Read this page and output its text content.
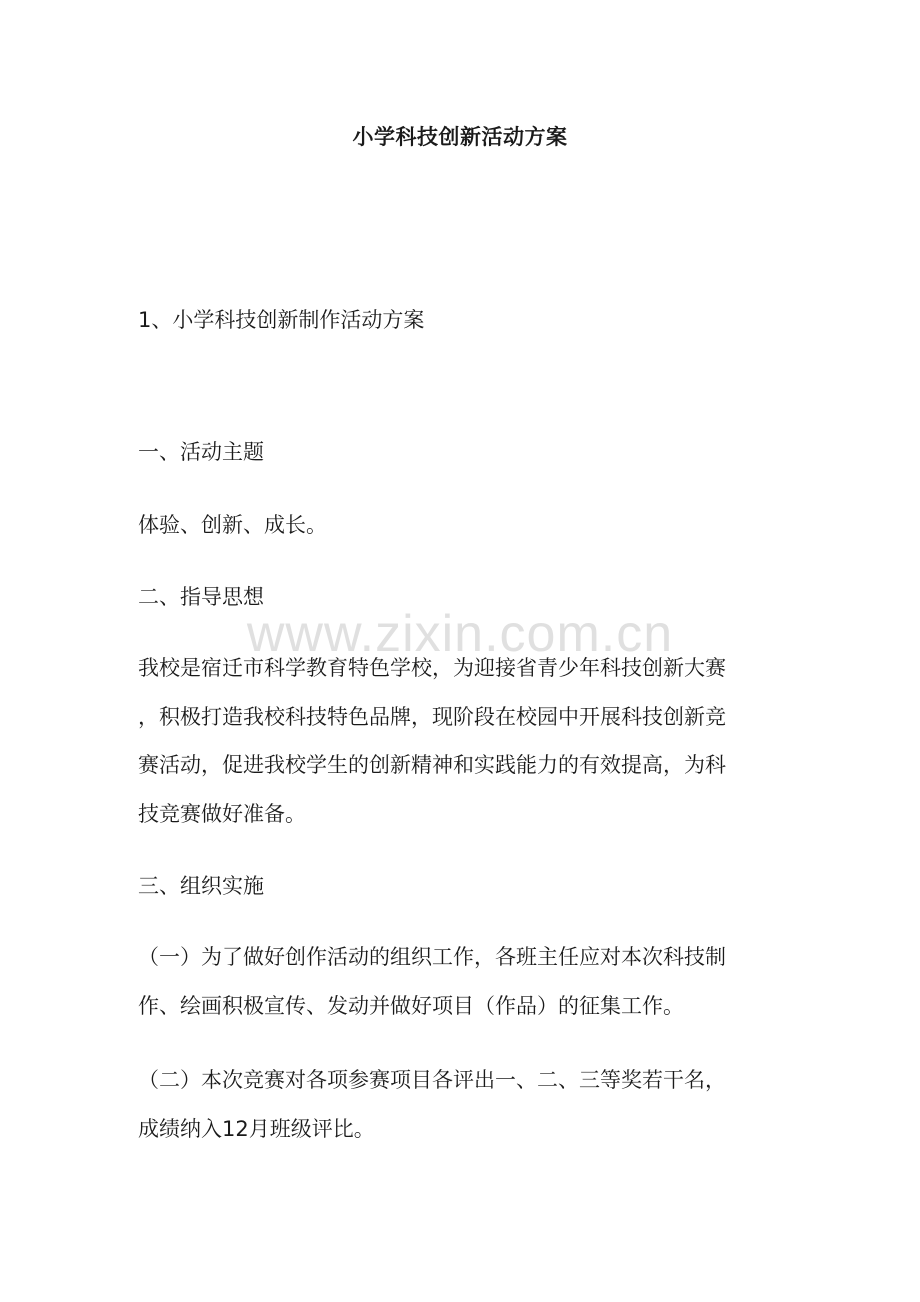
小学科技创新活动方案
1、小学科技创新制作活动方案
一、活动主题
体验、创新、成长。
二、指导思想
我校是宿迁市科学教育特色学校，为迎接省青少年科技创新大赛
，积极打造我校科技特色品牌，现阶段在校园中开展科技创新竞
赛活动，促进我校学生的创新精神和实践能力的有效提高，为科
技竞赛做好准备。
三、组织实施
（一）为了做好创作活动的组织工作，各班主任应对本次科技制
作、绘画积极宣传、发动并做好项目（作品）的征集工作。
（二）本次竞赛对各项参赛项目各评出一、二、三等奖若干名，
成绩纳入12月班级评比。
www.zixin.com.cn
